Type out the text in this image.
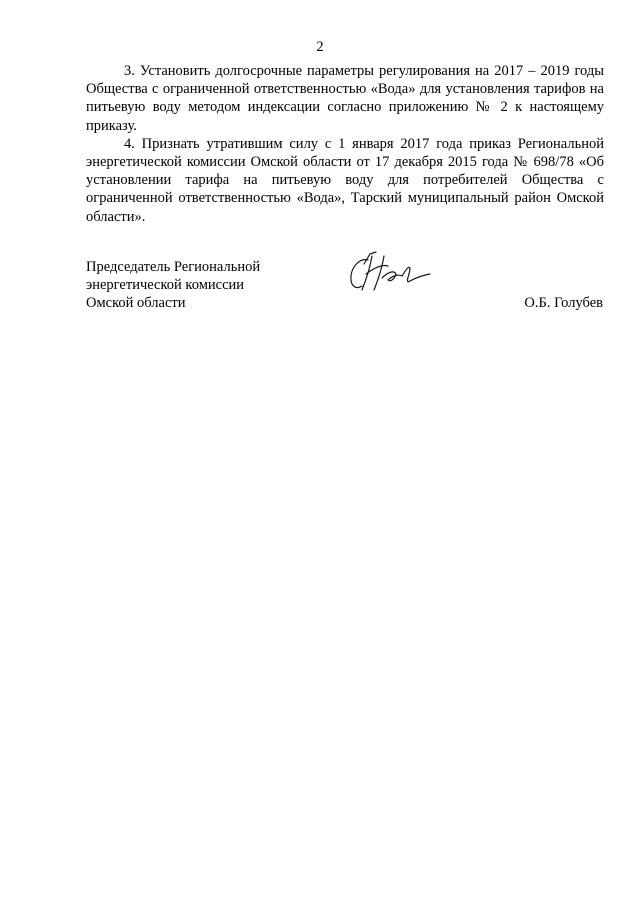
2

3. Установить долгосрочные параметры регулирования на 2017 – 2019 годы Общества с ограниченной ответственностью «Вода» для установления тарифов на питьевую воду методом индексации согласно приложению № 2 к настоящему приказу.

4. Признать утратившим силу с 1 января 2017 года приказ Региональной энергетической комиссии Омской области от 17 декабря 2015 года № 698/78 «Об установлении тарифа на питьевую воду для потребителей Общества с ограниченной ответственностью «Вода», Тарский муниципальный район Омской области».

Председатель Региональной
энергетической комиссии
Омской области	О.Б. Голубев
